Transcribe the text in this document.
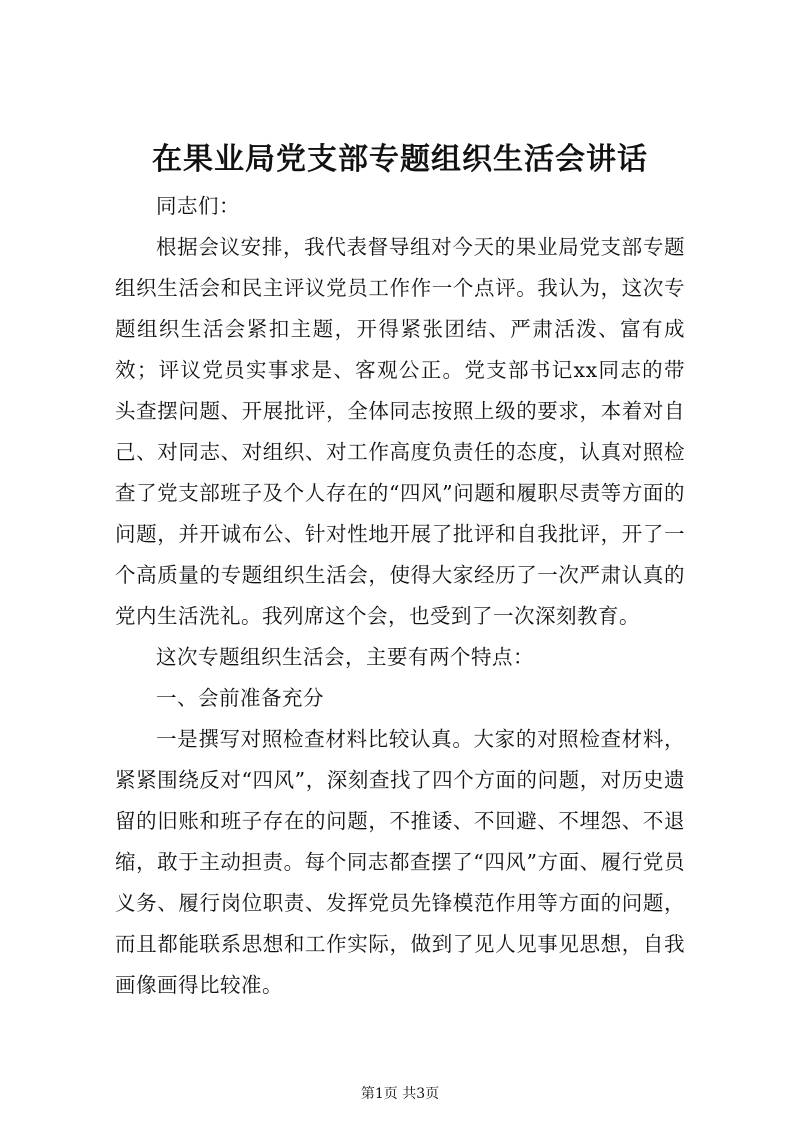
在果业局党支部专题组织生活会讲话

同志们：

根据会议安排，我代表督导组对今天的果业局党支部专题组织生活会和民主评议党员工作作一个点评。我认为，这次专题组织生活会紧扣主题，开得紧张团结、严肃活泼、富有成效；评议党员实事求是、客观公正。党支部书记xx同志的带头查摆问题、开展批评，全体同志按照上级的要求，本着对自己、对同志、对组织、对工作高度负责任的态度，认真对照检查了党支部班子及个人存在的“四风”问题和履职尽责等方面的问题，并开诚布公、针对性地开展了批评和自我批评，开了一个高质量的专题组织生活会，使得大家经历了一次严肃认真的党内生活洗礼。我列席这个会，也受到了一次深刻教育。

这次专题组织生活会，主要有两个特点：

一、会前准备充分

一是撰写对照检查材料比较认真。大家的对照检查材料，紧紧围绕反对“四风”，深刻查找了四个方面的问题，对历史遗留的旧账和班子存在的问题，不推诿、不回避、不埋怨、不退缩，敢于主动担责。每个同志都查摆了“四风”方面、履行党员义务、履行岗位职责、发挥党员先锋模范作用等方面的问题，而且都能联系思想和工作实际，做到了见人见事见思想，自我画像画得比较准。

第1页 共3页
